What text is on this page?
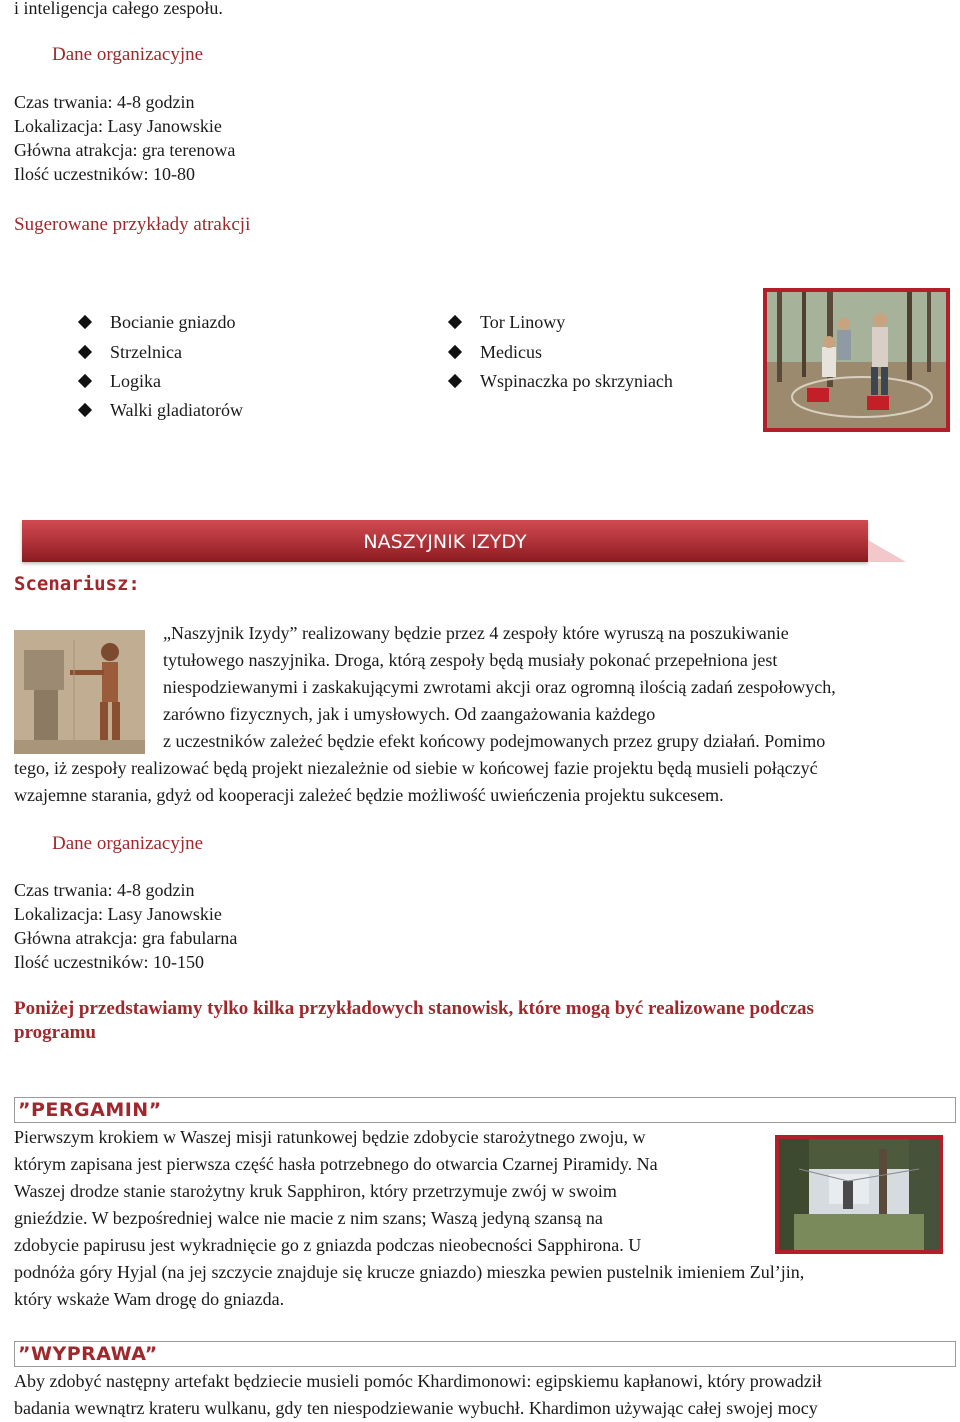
i inteligencja całego zespołu.
Dane organizacyjne
Czas trwania: 4-8 godzin
Lokalizacja: Lasy Janowskie
Główna atrakcja: gra terenowa
Ilość uczestników: 10-80
Sugerowane przykłady atrakcji
Bocianie gniazdo
Strzelnica
Logika
Walki gladiatorów
Tor Linowy
Medicus
Wspinaczka po skrzyniach
NASZYJNIK IZYDY
Scenariusz:
„Naszyjnik Izydy” realizowany będzie przez 4 zespoły które wyruszą na poszukiwanie
tytułowego naszyjnika. Droga, którą zespoły będą musiały pokonać przepełniona jest
niespodziewanymi i zaskakującymi zwrotami akcji oraz ogromną ilością zadań zespołowych,
zarówno fizycznych, jak i umysłowych. Od zaangażowania każdego
z uczestników zależeć będzie efekt końcowy podejmowanych przez grupy działań. Pomimo
tego, iż zespoły realizować będą projekt niezależnie od siebie w końcowej fazie projektu będą musieli połączyć
wzajemne starania, gdyż od kooperacji zależeć będzie możliwość uwieńczenia projektu sukcesem.
Dane organizacyjne
Czas trwania: 4-8 godzin
Lokalizacja: Lasy Janowskie
Główna atrakcja: gra fabularna
Ilość uczestników: 10-150
Poniżej przedstawiamy tylko kilka przykładowych stanowisk, które mogą być realizowane podczas
programu
”PERGAMIN”
Pierwszym krokiem w Waszej misji ratunkowej będzie zdobycie starożytnego zwoju, w
którym zapisana jest pierwsza część hasła potrzebnego do otwarcia Czarnej Piramidy. Na
Waszej drodze stanie starożytny kruk Sapphiron, który przetrzymuje zwój w swoim
gnieździe. W bezpośredniej walce nie macie z nim szans; Waszą jedyną szansą na
zdobycie papirusu jest wykradnięcie go z gniazda podczas nieobecności Sapphirona. U
podnóża góry Hyjal (na jej szczycie znajduje się krucze gniazdo) mieszka pewien pustelnik imieniem Zul’jin,
który wskaże Wam drogę do gniazda.
”WYPRAWA”
Aby zdobyć następny artefakt będziecie musieli pomóc Khardimonowi: egipskiemu kapłanowi, który prowadził
badania wewnątrz krateru wulkanu, gdy ten niespodziewanie wybuchł. Khardimon używając całej swojej mocy
